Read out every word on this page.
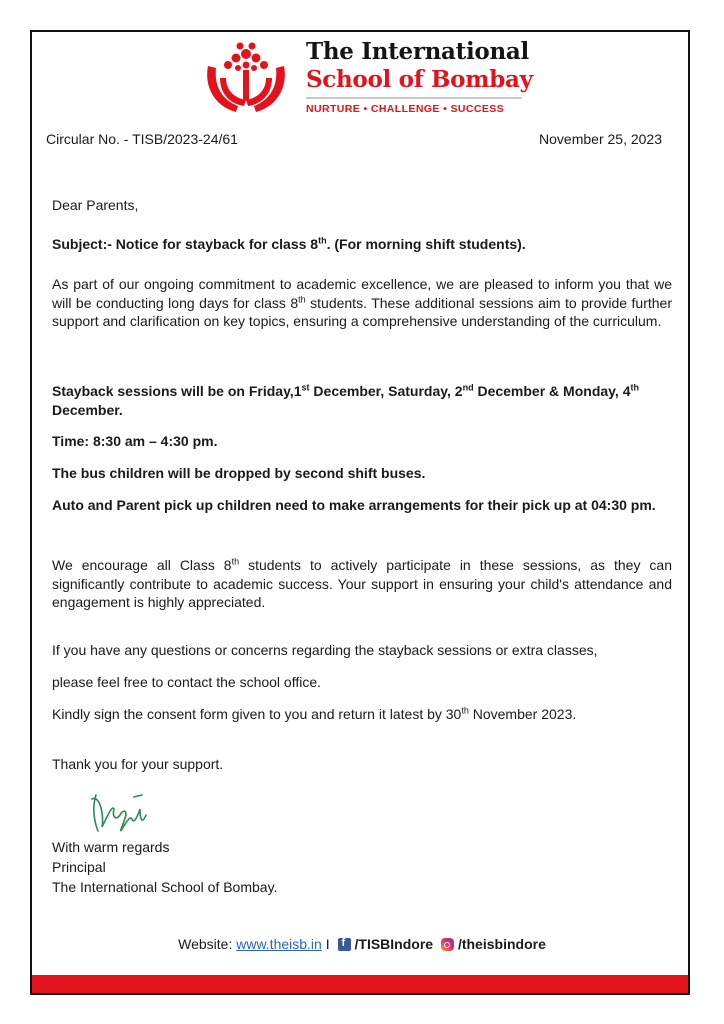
The International
School of Bombay
NURTURE • CHALLENGE • SUCCESS
Circular No. - TISB/2023-24/61	November 25, 2023
Dear Parents,
Subject:- Notice for stayback for class 8th. (For morning shift students).
As part of our ongoing commitment to academic excellence, we are pleased to inform you that we will be conducting long days for class 8th students. These additional sessions aim to provide further support and clarification on key topics, ensuring a comprehensive understanding of the curriculum.
Stayback sessions will be on Friday,1st December, Saturday, 2nd December & Monday, 4th December.
Time: 8:30 am – 4:30 pm.
The bus children will be dropped by second shift buses.
Auto and Parent pick up children need to make arrangements for their pick up at 04:30 pm.
We encourage all Class 8th students to actively participate in these sessions, as they can significantly contribute to academic success. Your support in ensuring your child's attendance and engagement is highly appreciated.
If you have any questions or concerns regarding the stayback sessions or extra classes,
please feel free to contact the school office.
Kindly sign the consent form given to you and return it latest by 30th November 2023.
Thank you for your support.
With warm regards
Principal
The International School of Bombay.
Website: www.theisb.in I f /TISBIndore /theisbindore
